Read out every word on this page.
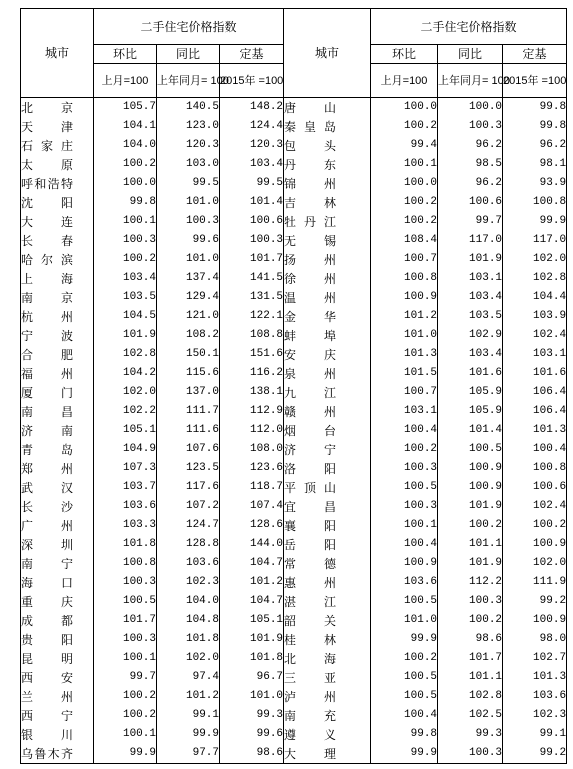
城市	二手住宅价格指数			城市	二手住宅价格指数		
	环比	同比	定基		环比	同比	定基
	上月=100	上年同月= 100	2015年 =100		上月=100	上年同月= 100	2015年 =100
北京	105.7	140.5	148.2	唐山	100.0	100.0	99.8
天津	104.1	123.0	124.4	秦皇岛	100.2	100.3	99.8
石家庄	104.0	120.3	120.3	包头	99.4	96.2	96.2
太原	100.2	103.0	103.4	丹东	100.1	98.5	98.1
呼和浩特	100.0	99.5	99.5	锦州	100.0	96.2	93.9
沈阳	99.8	101.0	101.4	吉林	100.2	100.6	100.8
大连	100.1	100.3	100.6	牡丹江	100.2	99.7	99.9
长春	100.3	99.6	100.3	无锡	108.4	117.0	117.0
哈尔滨	100.2	101.0	101.7	扬州	100.7	101.9	102.0
上海	103.4	137.4	141.5	徐州	100.8	103.1	102.8
南京	103.5	129.4	131.5	温州	100.9	103.4	104.4
杭州	104.5	121.0	122.1	金华	101.2	103.5	103.9
宁波	101.9	108.2	108.8	蚌埠	101.0	102.9	102.4
合肥	102.8	150.1	151.6	安庆	101.3	103.4	103.1
福州	104.2	115.6	116.2	泉州	101.5	101.6	101.6
厦门	102.0	137.0	138.1	九江	100.7	105.9	106.4
南昌	102.2	111.7	112.9	赣州	103.1	105.9	106.4
济南	105.1	111.6	112.0	烟台	100.4	101.4	101.3
青岛	104.9	107.6	108.0	济宁	100.2	100.5	100.4
郑州	107.3	123.5	123.6	洛阳	100.3	100.9	100.8
武汉	103.7	117.6	118.7	平顶山	100.5	100.9	100.6
长沙	103.6	107.2	107.4	宜昌	100.3	101.9	102.4
广州	103.3	124.7	128.6	襄阳	100.1	100.2	100.2
深圳	101.8	128.8	144.0	岳阳	100.4	101.1	100.9
南宁	100.8	103.6	104.7	常德	100.9	101.9	102.0
海口	100.3	102.3	101.2	惠州	103.6	112.2	111.9
重庆	100.5	104.0	104.7	湛江	100.5	100.3	99.2
成都	101.7	104.8	105.1	韶关	101.0	100.2	100.9
贵阳	100.3	101.8	101.9	桂林	99.9	98.6	98.0
昆明	100.1	102.0	101.8	北海	100.2	101.7	102.7
西安	99.7	97.4	96.7	三亚	100.5	101.1	101.3
兰州	100.2	101.2	101.0	泸州	100.5	102.8	103.6
西宁	100.2	99.1	99.3	南充	100.4	102.5	102.3
银川	100.1	99.9	99.6	遵义	99.8	99.3	99.1
乌鲁木齐	99.9	97.7	98.6	大理	99.9	100.3	99.2
